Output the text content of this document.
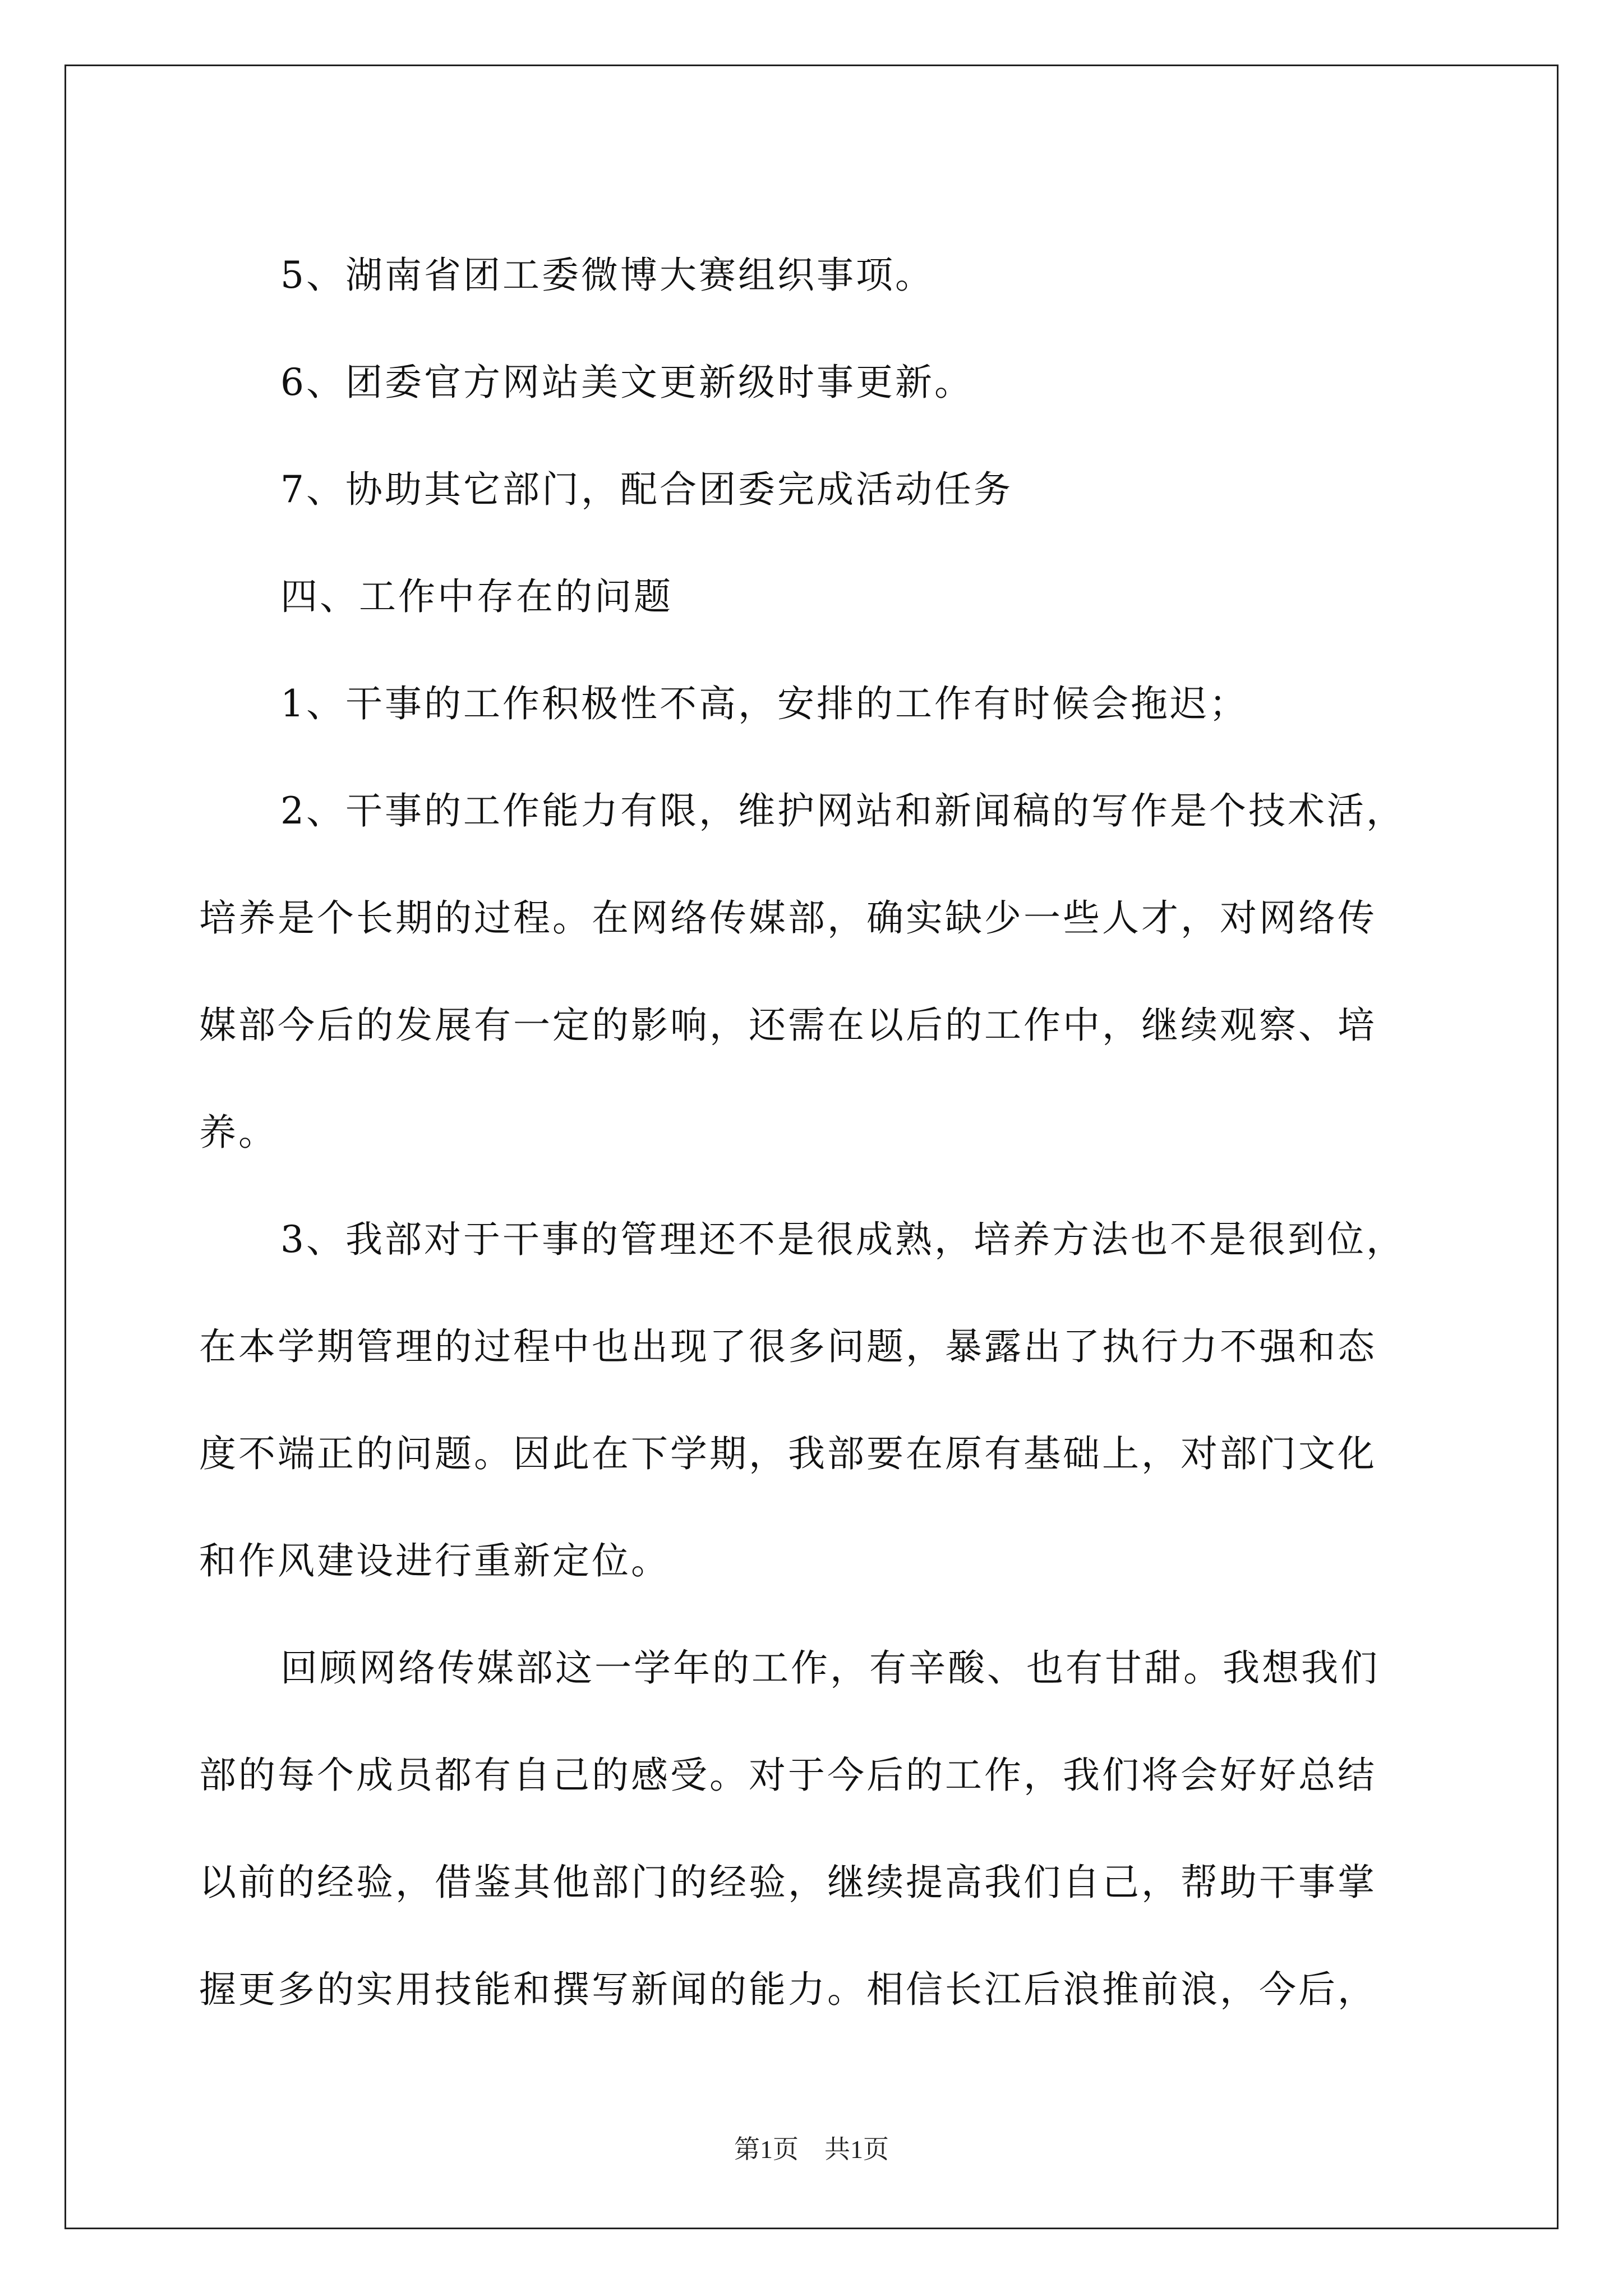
5、湖南省团工委微博大赛组织事项。
6、团委官方网站美文更新级时事更新。
7、协助其它部门，配合团委完成活动任务
四、工作中存在的问题
1、干事的工作积极性不高，安排的工作有时候会拖迟；
2、干事的工作能力有限，维护网站和新闻稿的写作是个技术活，
培养是个长期的过程。在网络传媒部，确实缺少一些人才，对网络传
媒部今后的发展有一定的影响，还需在以后的工作中，继续观察、培
养。
3、我部对于干事的管理还不是很成熟，培养方法也不是很到位，
在本学期管理的过程中也出现了很多问题，暴露出了执行力不强和态
度不端正的问题。因此在下学期，我部要在原有基础上，对部门文化
和作风建设进行重新定位。
回顾网络传媒部这一学年的工作，有辛酸、也有甘甜。我想我们
部的每个成员都有自己的感受。对于今后的工作，我们将会好好总结
以前的经验，借鉴其他部门的经验，继续提高我们自己，帮助干事掌
握更多的实用技能和撰写新闻的能力。相信长江后浪推前浪，今后，
第1页　共1页
